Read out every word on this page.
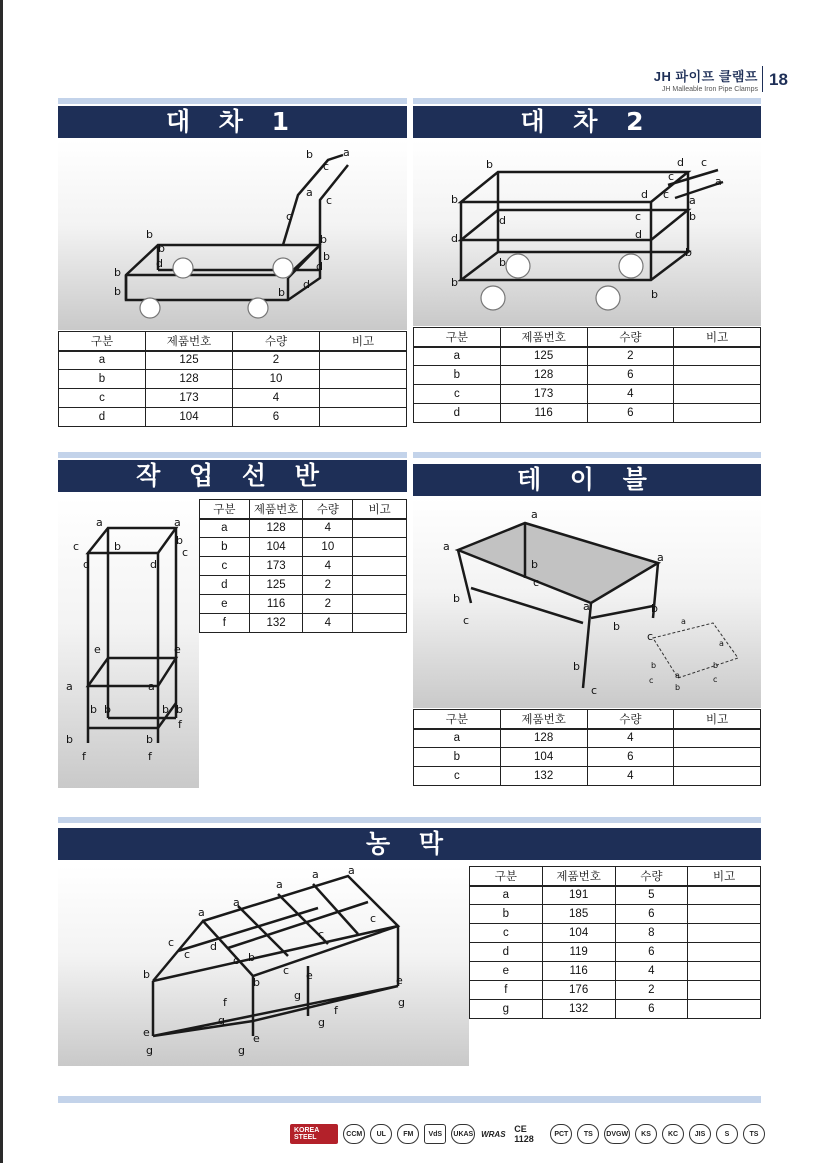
JH 파이프 클램프
JH Malleable Iron Pipe Clamps
18
대 차 1
b
b
d
b
b
b
b
d
d
b
b	a
c
a
c
c
구분	제품번호	수량	비고
a	125	2	
b	128	10	
c	173	4	
d	104	6	
대 차 2
b
b
d
d
b
b
d c
a
c
d c a
b
c
d
b
b
구분	제품번호	수량	비고
a	125	2	
b	128	6	
c	173	4	
d	116	6	
작 업 선 반
a	a
c	b	b
c
d	d
e	e
a	a
b b	b b
f
b	b
f	f
구분	제품번호	수량	비고
a	128	4	
b	104	10	
c	173	4	
d	125	2	
e	116	2	
f	132	4	
테 이 블
a
a
b
c
a
b
c
a
b
b
c
b
c
a
a
b
a
b
c
b
c
구분	제품번호	수량	비고
a	128	4	
b	104	6	
c	132	4	
농 막
a
a
a
a	a
c
c
d
c b
c
c
b
b
c e	e
f
g
g
f
g
g
e
g
e
g
구분	제품번호	수량	비고
a	191	5	
b	185	6	
c	104	8	
d	119	6	
e	116	4	
f	176	2	
g	132	6	
KOREA STEEL	CCM	UL	FM	VdS	UKAS WRAS CE 1128	PCT	TS	DVGW	KS	KC	JIS	S	TS
